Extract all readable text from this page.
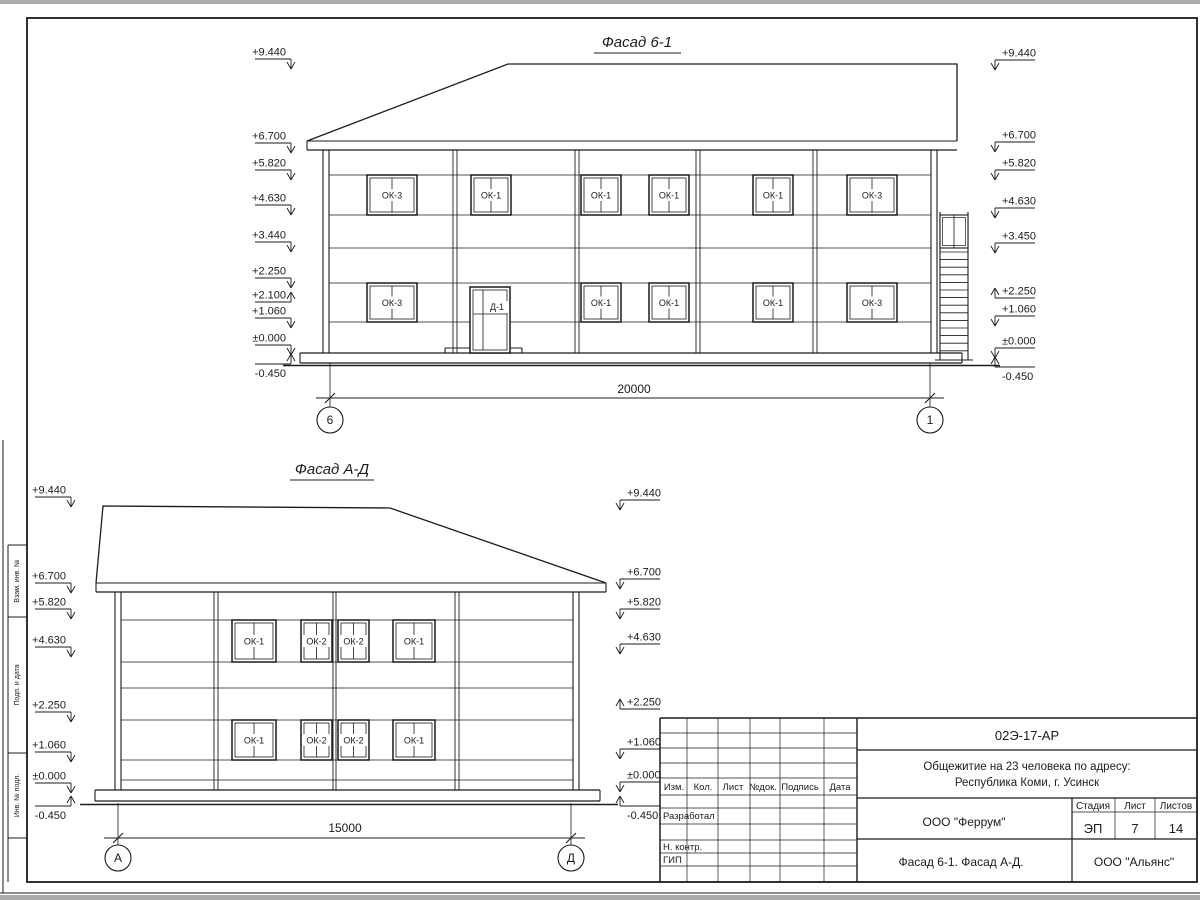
Взам. инв. №
Подп. и дата
Инв. № подл.
ОК-3	ОК-1	ОК-1	ОК-1	ОК-1	ОК-3
ОК-3	ОК-1	ОК-1	ОК-1	ОК-3
Д-1
+9.440
+6.700
+5.820
+4.630
+3.440
+2.250
+2.100
+1.060
±0.000
-0.450
+9.440
+6.700
+5.820
+4.630
+3.450
+2.250
+1.060
±0.000
-0.450
ОК-1	ОК-2 ОК-2	ОК-1
ОК-1	ОК-2 ОК-2	ОК-1
+9.440
+6.700
+5.820
+4.630
+2.250
+1.060
±0.000
-0.450
+9.440
+6.700
+5.820
+4.630
+2.250
+1.060
±0.000
-0.450
Изм. Кол. Лист №док. Подпись Дата
Разработал
Н. контр.
ГИП
Фасад 6-1
20000
6	1
Фасад А-Д
15000
А	Д
02Э-17-АР
Общежитие на 23 человека по адресу:
Республика Коми, г. Усинск
ООО "Феррум"
Стадия Лист Листов
ЭП 7 14
Фасад 6-1. Фасад А-Д.	ООО "Альянс"
